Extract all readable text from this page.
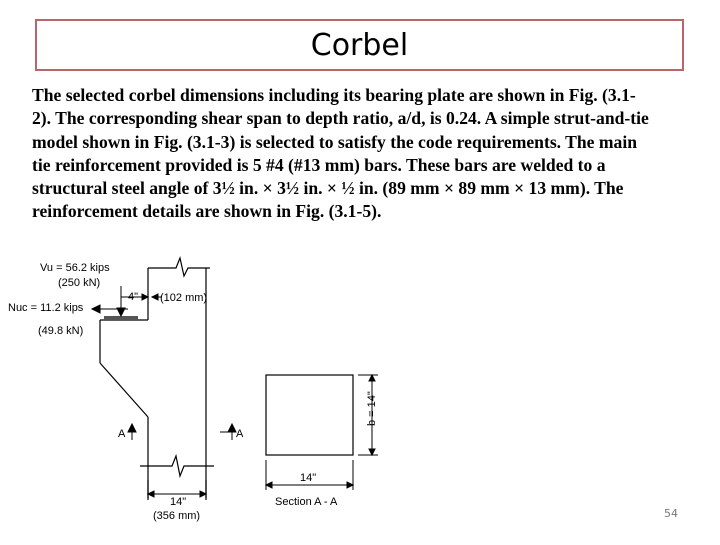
Corbel
The selected corbel dimensions including its bearing plate are shown in Fig. (3.1-
2). The corresponding shear span to depth ratio, a/d, is 0.24. A simple strut-and-tie
model shown in Fig. (3.1-3) is selected to satisfy the code requirements. The main
tie reinforcement provided is 5 #4 (#13 mm) bars. These bars are welded to a
structural steel angle of 3½ in. × 3½ in. × ½ in. (89 mm × 89 mm × 13 mm). The
reinforcement details are shown in Fig. (3.1-5).
Vu = 56.2 kips
(250 kN)
4" (102 mm)
Nuc = 11.2 kips
(49.8 kN)
A	A
14"
(356 mm)
14"
b = 14"
Section A - A
54
